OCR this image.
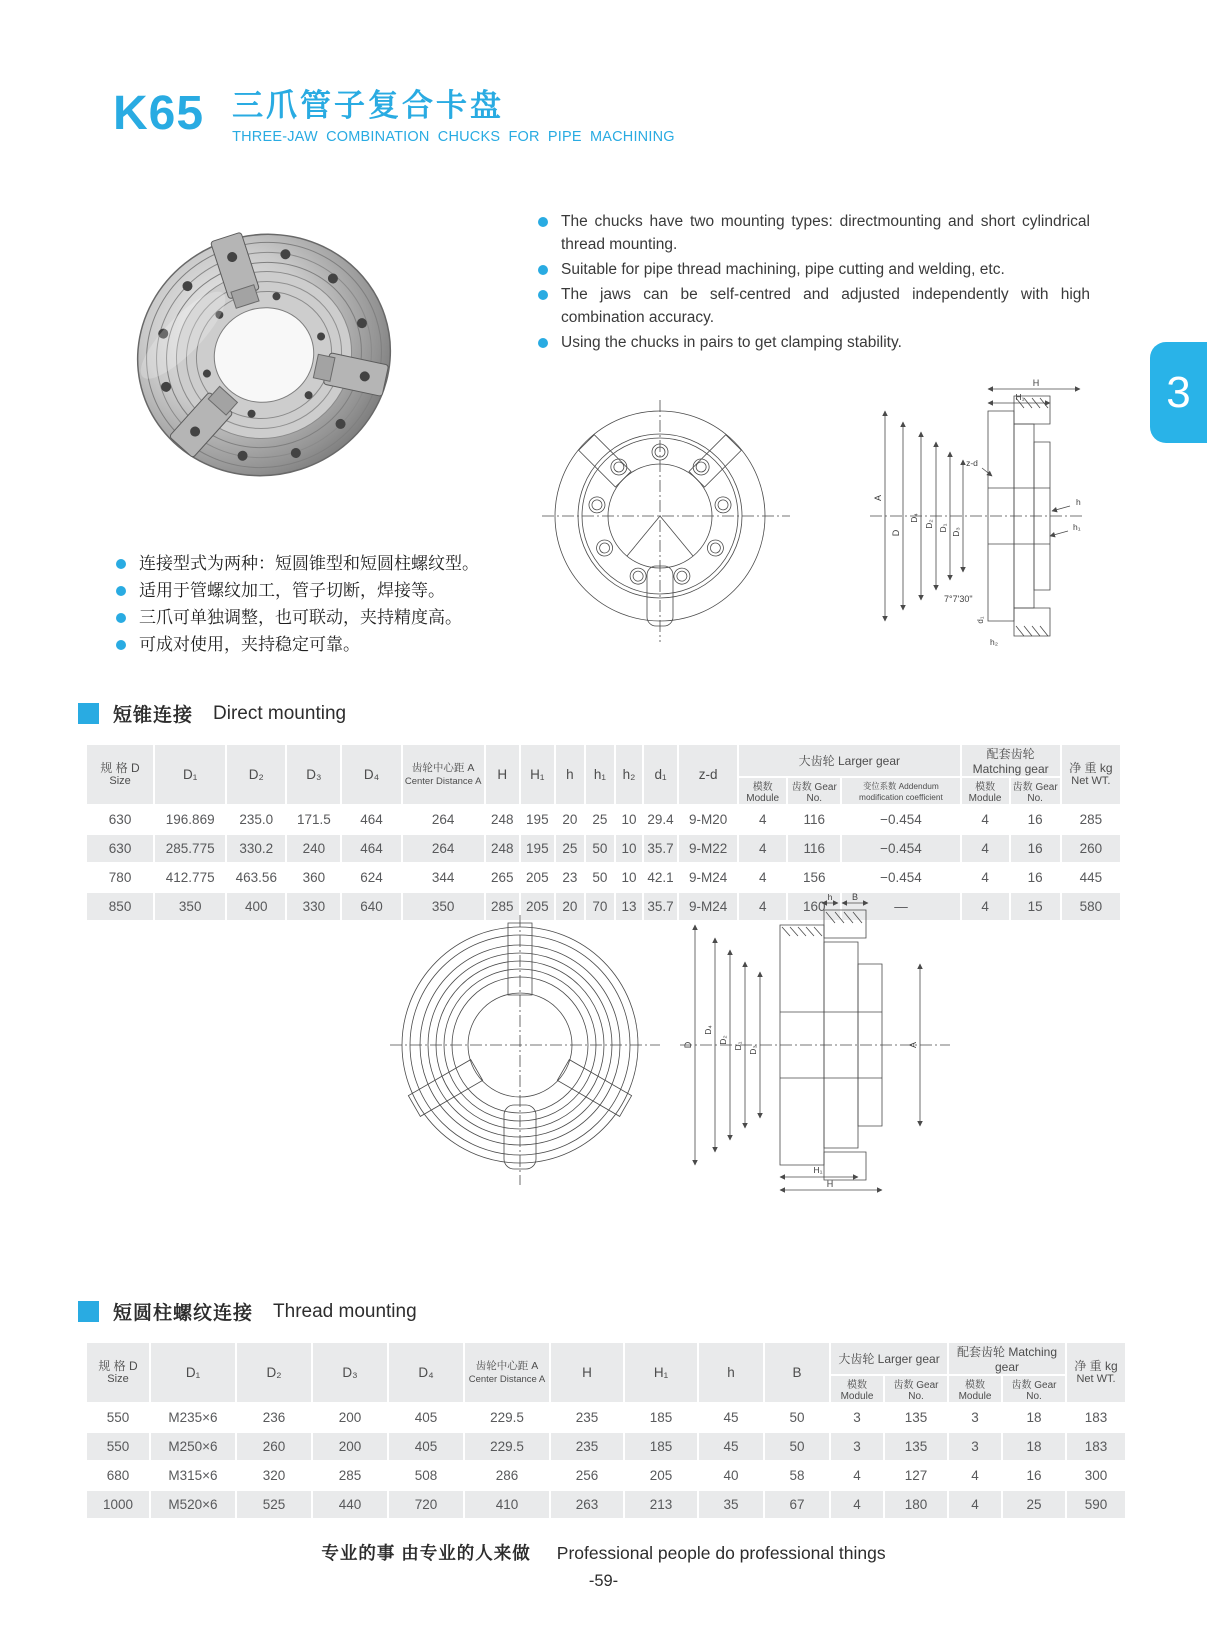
K65 三爪管子复合卡盘
THREE-JAW COMBINATION CHUCKS FOR PIPE MACHINING
3
The chucks have two mounting types: directmounting and short cylindrical thread mounting.
Suitable for pipe thread machining, pipe cutting and welding, etc.
The jaws can be self-centred and adjusted independently with high combination accuracy.
Using the chucks in pairs to get clamping stability.
连接型式为两种：短圆锥型和短圆柱螺纹型。
适用于管螺纹加工，管子切断，焊接等。
三爪可单独调整，也可联动，夹持精度高。
可成对使用，夹持稳定可靠。
H
H₁
z-d
A
D
D₄
D₂ D₁ D₃
h
h₁
7°7'30"
d₁
h₂
短锥连接 Direct mounting
规 格 D
Size	D₁	D₂	D₃	D₄	齿轮中心距 A
Center Distance A	H	H₁	h	h₁	h₂	d₁	z-d	大齿轮 Larger gear	配套齿轮 Matching gear	净 重 kg
Net WT.

													模数 Module	齿数 Gear No.	变位系数 Addendum modification coefficient	模数 Module	齿数 Gear No.	
630	196.869	235.0	171.5	464	264	248	195	20	25	10	29.4	9-M20	4	116	−0.454	4	16	285
630	285.775	330.2	240	464	264	248	195	25	50	10	35.7	9-M22	4	116	−0.454	4	16	260
780	412.775	463.56	360	624	344	265	205	23	50	10	42.1	9-M24	4	156	−0.454	4	16	445
850	350	400	330	640	350	285	205	20	70	13	35.7	9-M24	4	160	—	4	15	580
h B
D
D₄
D₂
D₁ D₃
A
H₁
H
短圆柱螺纹连接 Thread mounting
规 格 D
Size	D₁	D₂	D₃	D₄	齿轮中心距 A
Center Distance A	H	H₁	h	B	大齿轮 Larger gear	配套齿轮 Matching gear	净 重 kg
Net WT.

										模数 Module	齿数 Gear No.	模数 Module	齿数 Gear No.	
550	M235×6	236	200	405	229.5	235	185	45	50	3	135	3	18	183
550	M250×6	260	200	405	229.5	235	185	45	50	3	135	3	18	183
680	M315×6	320	285	508	286	256	205	40	58	4	127	4	16	300
1000	M520×6	525	440	720	410	263	213	35	67	4	180	4	25	590
专业的事 由专业的人来做 Professional people do professional things
-59-
